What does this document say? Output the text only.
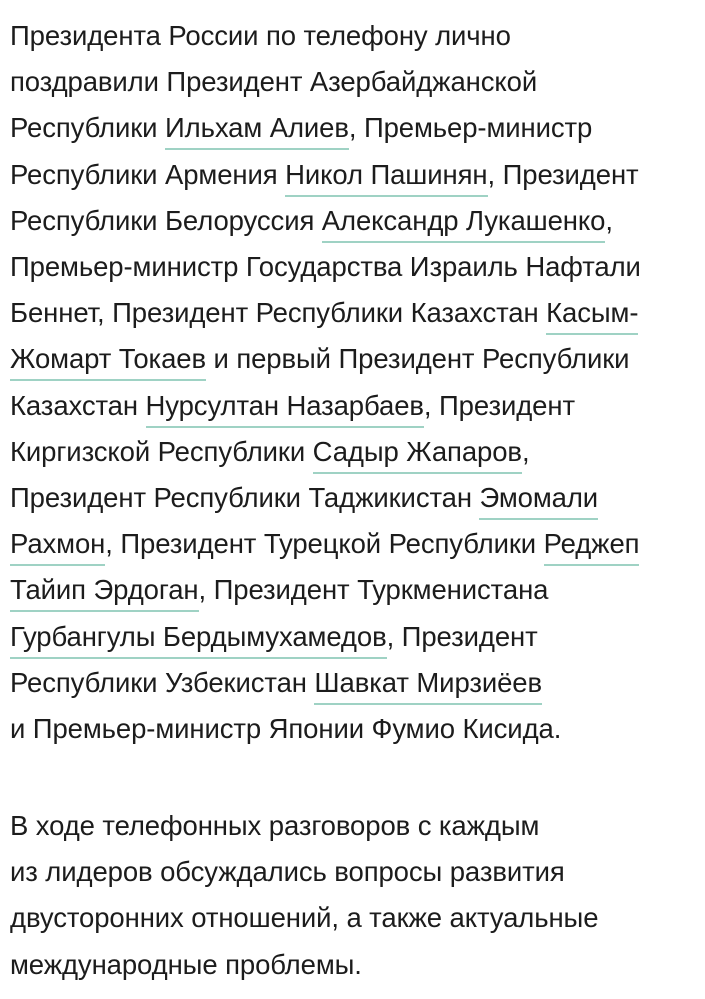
Президента России по телефону лично
поздравили Президент Азербайджанской
Республики Ильхам Алиев, Премьер-министр
Республики Армения Никол Пашинян, Президент
Республики Белоруссия Александр Лукашенко,
Премьер-министр Государства Израиль Нафтали
Беннет, Президент Республики Казахстан Касым-
Жомарт Токаев и первый Президент Республики
Казахстан Нурсултан Назарбаев, Президент
Киргизской Республики Садыр Жапаров,
Президент Республики Таджикистан Эмомали
Рахмон, Президент Турецкой Республики Реджеп
Тайип Эрдоган, Президент Туркменистана
Гурбангулы Бердымухамедов, Президент
Республики Узбекистан Шавкат Мирзиёев
и Премьер-министр Японии Фумио Кисида.
В ходе телефонных разговоров с каждым
из лидеров обсуждались вопросы развития
двусторонних отношений, а также актуальные
международные проблемы.
